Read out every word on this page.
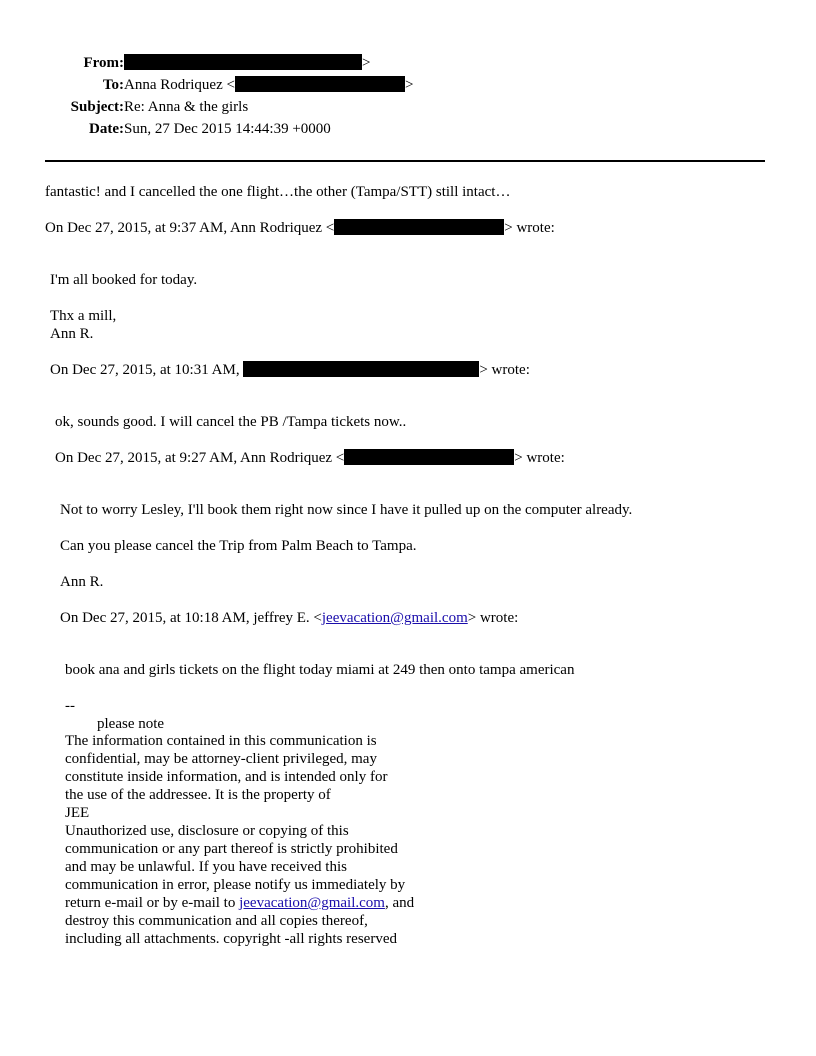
From:	>
To: Anna Rodriquez <	>
Subject: Re: Anna & the girls
Date: Sun, 27 Dec 2015 14:44:39 +0000
fantastic! and I cancelled the one flight…the other (Tampa/STT) still intact…
On Dec 27, 2015, at 9:37 AM, Ann Rodriquez <	> wrote:
I'm all booked for today.
Thx a mill,
Ann R.
On Dec 27, 2015, at 10:31 AM,	> wrote:
ok, sounds good. I will cancel the PB /Tampa tickets now..
On Dec 27, 2015, at 9:27 AM, Ann Rodriquez <	> wrote:
Not to worry Lesley, I'll book them right now since I have it pulled up on the computer already.
Can you please cancel the Trip from Palm Beach to Tampa.
Ann R.
On Dec 27, 2015, at 10:18 AM, jeffrey E. <jeevacation@gmail.com> wrote:
book ana and girls tickets on the flight today miami at 249 then onto tampa american
--
please note
The information contained in this communication is
confidential, may be attorney-client privileged, may
constitute inside information, and is intended only for
the use of the addressee. It is the property of
JEE
Unauthorized use, disclosure or copying of this
communication or any part thereof is strictly prohibited
and may be unlawful. If you have received this
communication in error, please notify us immediately by
return e-mail or by e-mail to jeevacation@gmail.com, and
destroy this communication and all copies thereof,
including all attachments. copyright -all rights reserved
